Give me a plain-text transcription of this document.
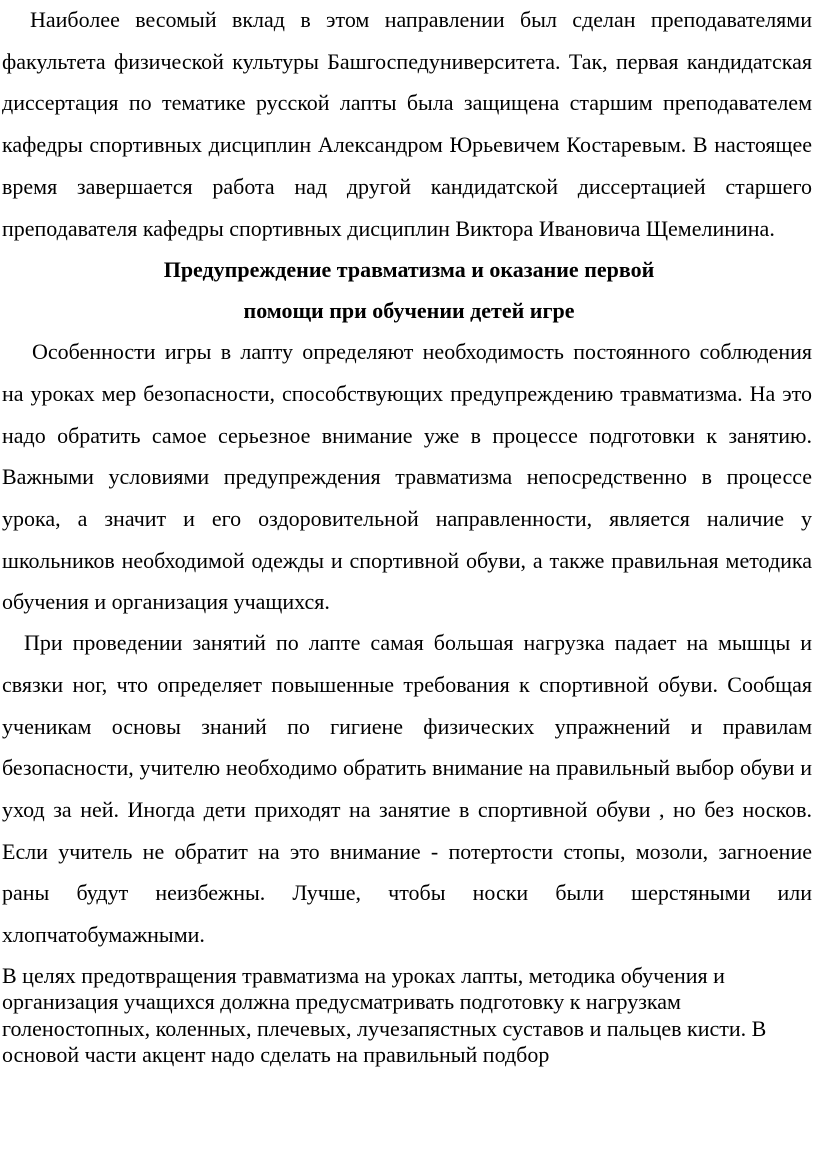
Наиболее весомый вклад в этом направлении был сделан преподавателями факультета физической культуры Башгоспедуниверситета. Так, первая кандидатская диссертация по тематике русской лапты была защищена старшим преподавателем кафедры спортивных дисциплин Александром Юрьевичем Костаревым. В настоящее время завершается работа над другой кандидатской диссертацией старшего преподавателя кафедры спортивных дисциплин Виктора Ивановича Щемелинина.

Предупреждение травматизма и оказание первой
помощи при обучении детей игре

Особенности игры в лапту определяют необходимость постоянного соблюдения на уроках мер безопасности, способствующих предупреждению травматизма. На это надо обратить самое серьезное внимание уже в процессе подготовки к занятию. Важными условиями предупреждения травматизма непосредственно в процессе урока, а значит и его оздоровительной направленности, является наличие у школьников необходимой одежды и спортивной обуви, а также правильная методика обучения и организация учащихся.

При проведении занятий по лапте самая большая нагрузка падает на мышцы и связки ног, что определяет повышенные требования к спортивной обуви. Сообщая ученикам основы знаний по гигиене физических упражнений и правилам безопасности, учителю необходимо обратить внимание на правильный выбор обуви и уход за ней. Иногда дети приходят на занятие в спортивной обуви , но без носков. Если учитель не обратит на это внимание - потертости стопы, мозоли, загноение раны будут неизбежны. Лучше, чтобы носки были шерстяными или хлопчатобумажными.

В целях предотвращения травматизма на уроках лапты, методика обучения и организация учащихся должна предусматривать подготовку к нагрузкам голеностопных, коленных, плечевых, лучезапястных суставов и пальцев кисти. В основой части акцент надо сделать на правильный подбор
